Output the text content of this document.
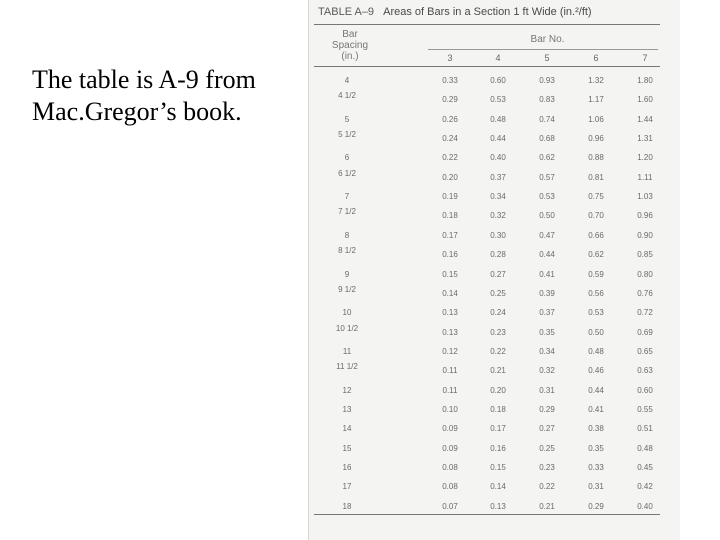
The table is A-9 from Mac.Gregor’s book.
TABLE A–9 Areas of Bars in a Section 1 ft Wide (in.²/ft)
Bar Spacing (in.)
Bar No.
3	4	5	6	7
4	0.33	0.60	0.93	1.32	1.80
4 1/2	0.29	0.53	0.83	1.17	1.60
5	0.26	0.48	0.74	1.06	1.44
5 1/2	0.24	0.44	0.68	0.96	1.31
6	0.22	0.40	0.62	0.88	1.20
6 1/2	0.20	0.37	0.57	0.81	1.11
7	0.19	0.34	0.53	0.75	1.03
7 1/2	0.18	0.32	0.50	0.70	0.96
8	0.17	0.30	0.47	0.66	0.90
8 1/2	0.16	0.28	0.44	0.62	0.85
9	0.15	0.27	0.41	0.59	0.80
9 1/2	0.14	0.25	0.39	0.56	0.76
10	0.13	0.24	0.37	0.53	0.72
10 1/2	0.13	0.23	0.35	0.50	0.69
11	0.12	0.22	0.34	0.48	0.65
11 1/2	0.11	0.21	0.32	0.46	0.63
12	0.11	0.20	0.31	0.44	0.60
13	0.10	0.18	0.29	0.41	0.55
14	0.09	0.17	0.27	0.38	0.51
15	0.09	0.16	0.25	0.35	0.48
16	0.08	0.15	0.23	0.33	0.45
17	0.08	0.14	0.22	0.31	0.42
18	0.07	0.13	0.21	0.29	0.40
